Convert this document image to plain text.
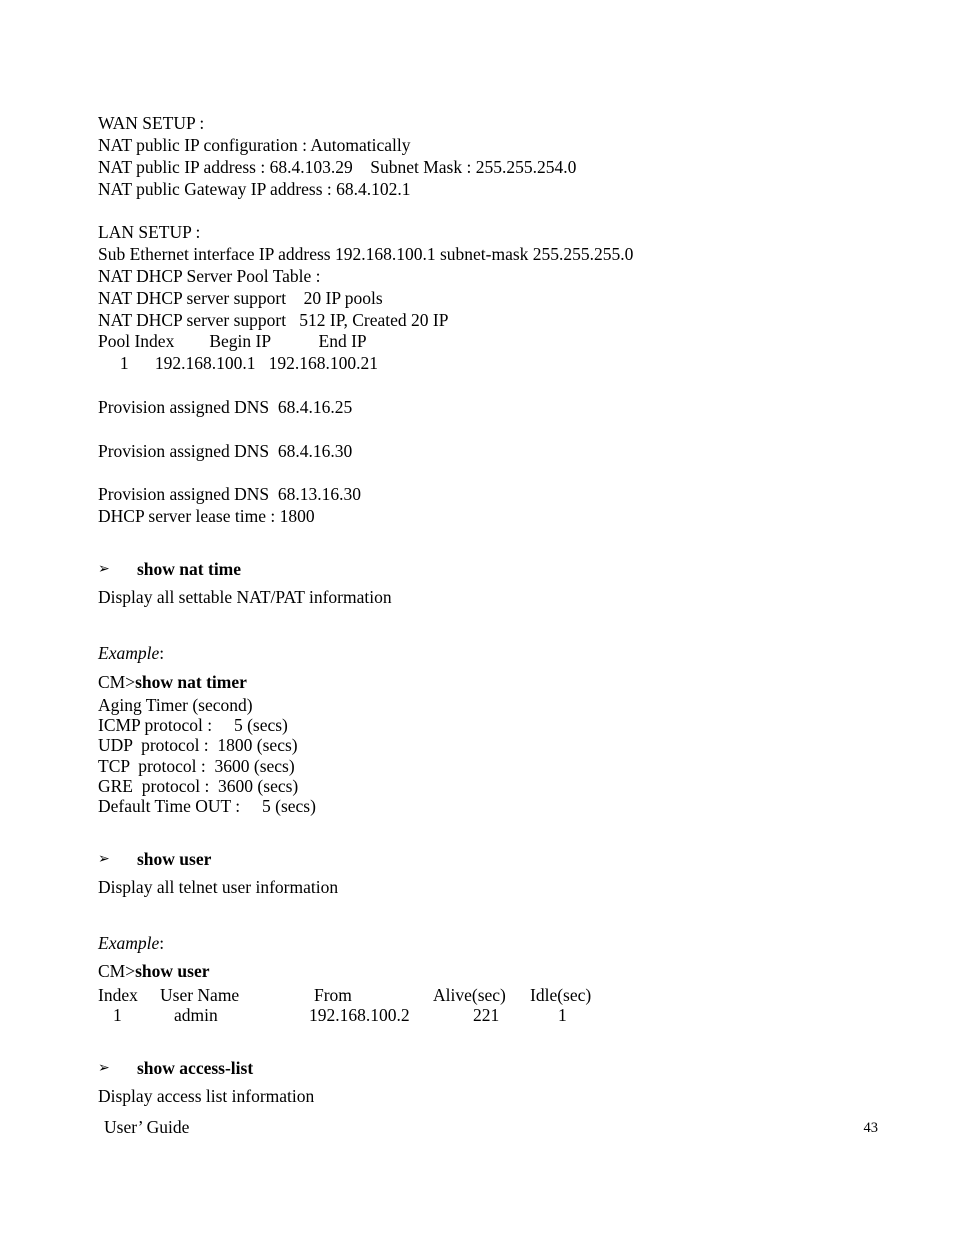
WAN SETUP :
NAT public IP configuration : Automatically
NAT public IP address : 68.4.103.29    Subnet Mask : 255.255.254.0
NAT public Gateway IP address : 68.4.102.1
LAN SETUP :
Sub Ethernet interface IP address 192.168.100.1 subnet-mask 255.255.255.0
NAT DHCP Server Pool Table :
NAT DHCP server support    20 IP pools
NAT DHCP server support   512 IP, Created 20 IP
Pool Index        Begin IP           End IP
1      192.168.100.1   192.168.100.21
Provision assigned DNS  68.4.16.25
Provision assigned DNS  68.4.16.30
Provision assigned DNS  68.13.16.30
DHCP server lease time : 1800
➢ show nat time
Display all settable NAT/PAT information
Example:
CM>show nat timer
Aging Timer (second)
ICMP protocol :     5 (secs)
UDP  protocol :  1800 (secs)
TCP  protocol :  3600 (secs)
GRE  protocol :  3600 (secs)
Default Time OUT :     5 (secs)
➢ show user
Display all telnet user information
Example:
CM>show user
Index User Name	From	Alive(sec) Idle(sec)
1	admin	192.168.100.2	221	1
➢ show access-list
Display access list information
User’ Guide	43
